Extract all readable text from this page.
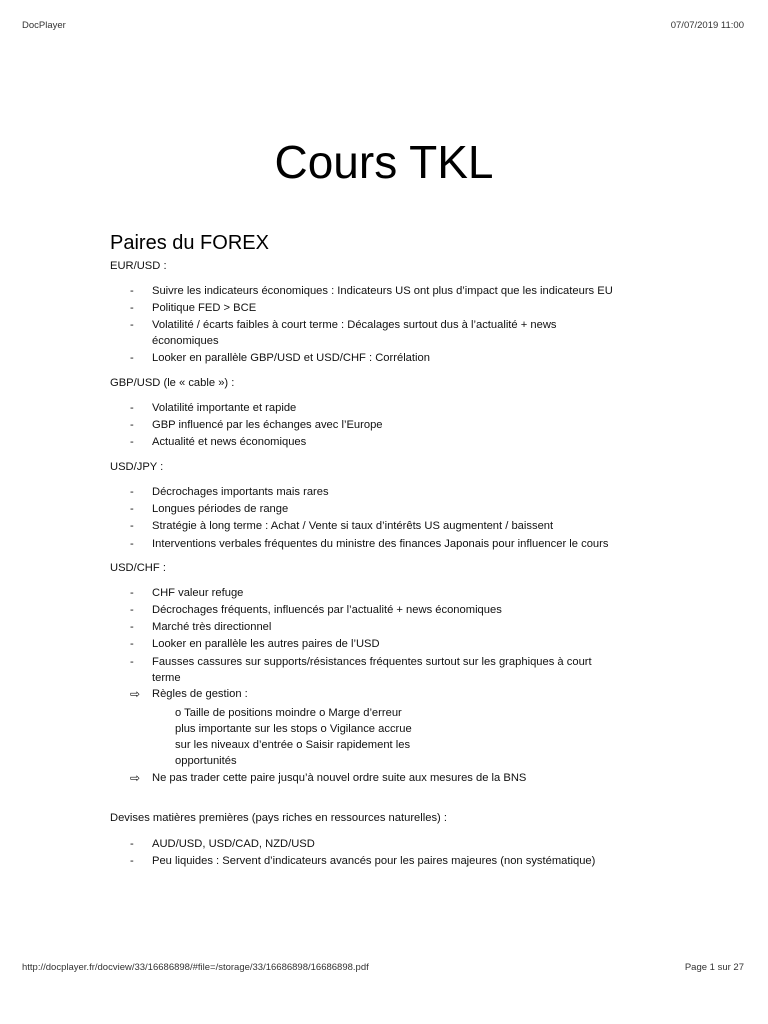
DocPlayer	07/07/2019 11:00
Cours TKL
Paires du FOREX
EUR/USD :
- Suivre les indicateurs économiques : Indicateurs US ont plus d’impact que les indicateurs EU
- Politique FED > BCE
- Volatilité / écarts faibles à court terme : Décalages surtout dus à l’actualité + news
économiques
- Looker en parallèle GBP/USD et USD/CHF : Corrélation
GBP/USD (le « cable ») :
- Volatilité importante et rapide
- GBP influencé par les échanges avec l’Europe
- Actualité et news économiques
USD/JPY :
- Décrochages importants mais rares
- Longues périodes de range
- Stratégie à long terme : Achat / Vente si taux d’intérêts US augmentent / baissent
- Interventions verbales fréquentes du ministre des finances Japonais pour influencer le cours
USD/CHF :
- CHF valeur refuge
- Décrochages fréquents, influencés par l’actualité + news économiques
- Marché très directionnel
- Looker en parallèle les autres paires de l’USD
- Fausses cassures sur supports/résistances fréquentes surtout sur les graphiques à court
terme
⇨ Règles de gestion :
o Taille de positions moindre o Marge d’erreur
plus importante sur les stops o Vigilance accrue
sur les niveaux d’entrée o Saisir rapidement les
opportunités
⇨ Ne pas trader cette paire jusqu’à nouvel ordre suite aux mesures de la BNS
Devises matières premières (pays riches en ressources naturelles) :
- AUD/USD, USD/CAD, NZD/USD
- Peu liquides : Servent d’indicateurs avancés pour les paires majeures (non systématique)
http://docplayer.fr/docview/33/16686898/#file=/storage/33/16686898/16686898.pdf	Page 1 sur 27
